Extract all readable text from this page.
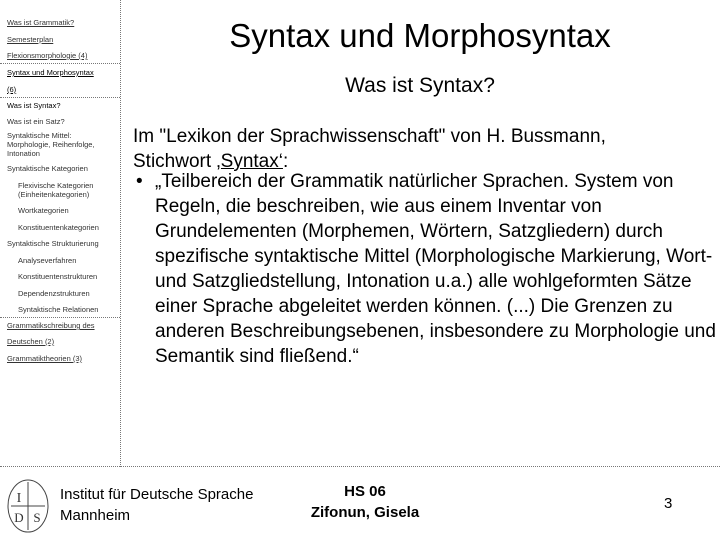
Was ist Grammatik?
Semesterplan
Flexionsmorphologie (4)
Syntax und Morphosyntax
(6)
Was ist Syntax?
Was ist ein Satz?
Syntaktische Mittel: Morphologie, Reihenfolge, Intonation
Syntaktische Kategorien
Flexivische Kategorien (Einheitenkategorien)
Wortkategorien
Konstituentenkategorien
Syntaktische Strukturierung
Analyseverfahren
Konstituentenstrukturen
Dependenzstrukturen
Syntaktische Relationen
Grammatikschreibung des
Deutschen (2)
Grammatiktheorien (3)
Syntax und Morphosyntax
Was ist Syntax?
Im "Lexikon der Sprachwissenschaft" von H. Bussmann,
Stichwort ‚Syntax‘:
• „Teilbereich der Grammatik natürlicher Sprachen. System von Regeln, die beschreiben, wie aus einem Inventar von Grundelementen (Morphemen, Wörtern, Satzgliedern) durch spezifische syntaktische Mittel (Morphologische Markierung, Wort- und Satzgliedstellung, Intonation u.a.) alle wohlgeformten Sätze einer Sprache abgeleitet werden können. (...) Die Grenzen zu anderen Beschreibungsebenen, insbesondere zu Morphologie und Semantik sind fließend.“
I
D S
Institut für Deutsche Sprache
Mannheim
HS 06
Zifonun, Gisela
3
